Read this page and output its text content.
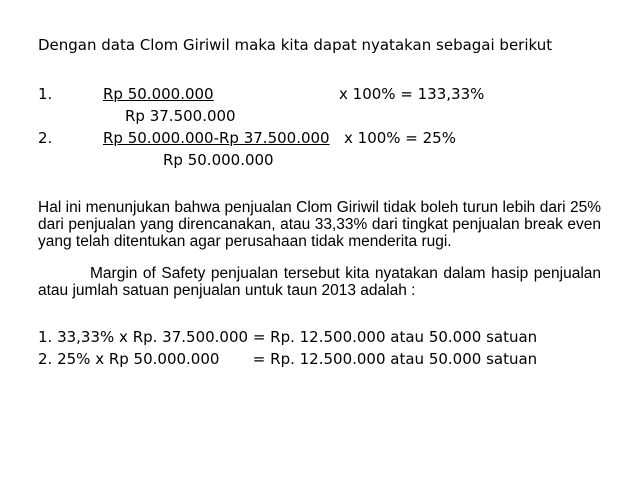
Dengan data Clom Giriwil maka kita dapat nyatakan sebagai berikut
1.	Rp 50.000.000	x 100% = 133,33%
Rp 37.500.000
2.	Rp 50.000.000-Rp 37.500.000 x 100% = 25%
Rp 50.000.000
Hal ini menunjukan bahwa penjualan Clom Giriwil tidak boleh turun lebih dari 25% dari penjualan yang direncanakan, atau 33,33% dari tingkat penjualan break even yang telah ditentukan agar perusahaan tidak menderita rugi.
Margin of Safety penjualan tersebut kita nyatakan dalam hasip penjualan atau jumlah satuan penjualan untuk taun 2013 adalah :
1. 33,33% x Rp. 37.500.000 = Rp. 12.500.000 atau 50.000 satuan
2. 25% x Rp 50.000.000       = Rp. 12.500.000 atau 50.000 satuan
